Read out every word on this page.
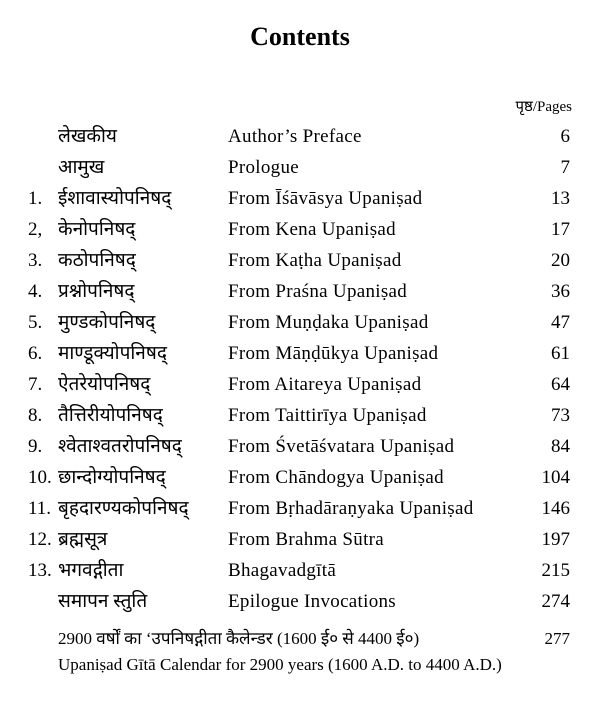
Contents
पृष्ठ/Pages
लेखकीय	Author’s Preface	6
आमुख	Prologue	7
1. ईशावास्योपनिषद्	From Īśāvāsya Upaniṣad	13
2, केनोपनिषद्	From Kena Upaniṣad	17
3. कठोपनिषद्	From Kaṭha Upaniṣad	20
4. प्रश्नोपनिषद्	From Praśna Upaniṣad	36
5. मुण्डकोपनिषद्	From Muṇḍaka Upaniṣad	47
6. माण्डूक्योपनिषद्	From Māṇḍūkya Upaniṣad	61
7. ऐतरेयोपनिषद्	From Aitareya Upaniṣad	64
8. तैत्तिरीयोपनिषद्	From Taittirīya Upaniṣad	73
9. श्वेताश्वतरोपनिषद् From Śvetāśvatara Upaniṣad	84
10. छान्दोग्योपनिषद्	From Chāndogya Upaniṣad	104
11. बृहदारण्यकोपनिषद् From Bṛhadāraṇyaka Upaniṣad	146
12. ब्रह्मसूत्र	From Brahma Sūtra	197
13. भगवद्गीता	Bhagavadgītā	215
समापन स्तुति	Epilogue Invocations	274
2900 वर्षों का ‘उपनिषद्गीता कैलेन्डर (1600 ई० से 4400 ई०)	277
Upaniṣad Gītā Calendar for 2900 years (1600 A.D. to 4400 A.D.)
